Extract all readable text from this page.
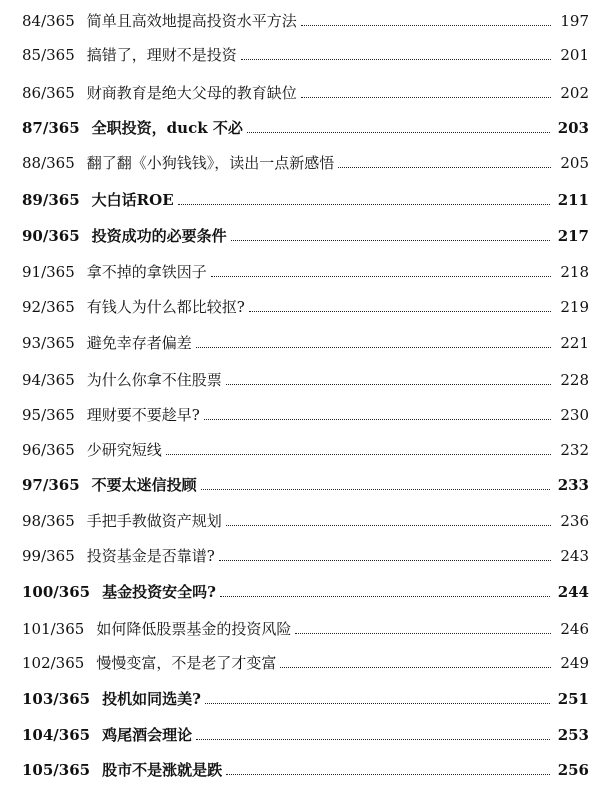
84/365 简单且高效地提高投资水平方法	197
85/365 搞错了，理财不是投资	201
86/365 财商教育是绝大父母的教育缺位	202
87/365 全职投资，duck 不必	203
88/365 翻了翻《小狗钱钱》，读出一点新感悟	205
89/365 大白话ROE	211
90/365 投资成功的必要条件	217
91/365 拿不掉的拿铁因子	218
92/365 有钱人为什么都比较抠?	219
93/365 避免幸存者偏差	221
94/365 为什么你拿不住股票	228
95/365 理财要不要趁早?	230
96/365 少研究短线	232
97/365 不要太迷信投顾	233
98/365 手把手教做资产规划	236
99/365 投资基金是否靠谱?	243
100/365 基金投资安全吗?	244
101/365 如何降低股票基金的投资风险	246
102/365 慢慢变富，不是老了才变富	249
103/365 投机如同选美?	251
104/365 鸡尾酒会理论	253
105/365 股市不是涨就是跌	256
